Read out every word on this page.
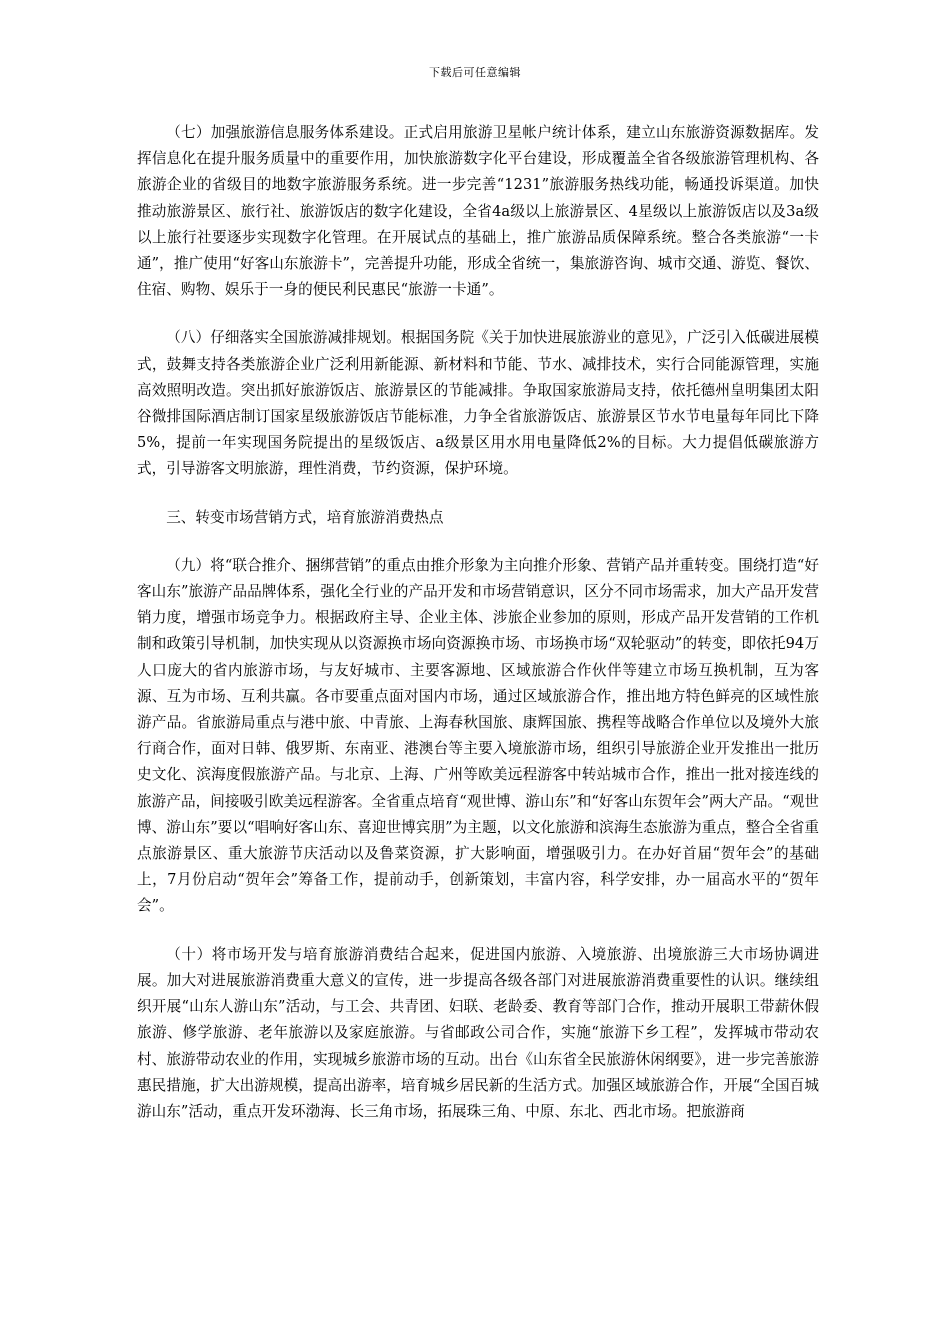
下载后可任意编辑

（七）加强旅游信息服务体系建设。正式启用旅游卫星帐户统计体系，建立山东旅游资源数据库。发挥信息化在提升服务质量中的重要作用，加快旅游数字化平台建设，形成覆盖全省各级旅游管理机构、各旅游企业的省级目的地数字旅游服务系统。进一步完善“1231”旅游服务热线功能，畅通投诉渠道。加快推动旅游景区、旅行社、旅游饭店的数字化建设，全省4a级以上旅游景区、4星级以上旅游饭店以及3a级以上旅行社要逐步实现数字化管理。在开展试点的基础上，推广旅游品质保障系统。整合各类旅游“一卡通”，推广使用“好客山东旅游卡”，完善提升功能，形成全省统一，集旅游咨询、城市交通、游览、餐饮、住宿、购物、娱乐于一身的便民利民惠民“旅游一卡通”。

（八）仔细落实全国旅游减排规划。根据国务院《关于加快进展旅游业的意见》，广泛引入低碳进展模式，鼓舞支持各类旅游企业广泛利用新能源、新材料和节能、节水、减排技术，实行合同能源管理，实施高效照明改造。突出抓好旅游饭店、旅游景区的节能减排。争取国家旅游局支持，依托德州皇明集团太阳谷微排国际酒店制订国家星级旅游饭店节能标准，力争全省旅游饭店、旅游景区节水节电量每年同比下降5%，提前一年实现国务院提出的星级饭店、a级景区用水用电量降低2%的目标。大力提倡低碳旅游方式，引导游客文明旅游，理性消费，节约资源，保护环境。

三、转变市场营销方式，培育旅游消费热点

（九）将“联合推介、捆绑营销”的重点由推介形象为主向推介形象、营销产品并重转变。围绕打造“好客山东”旅游产品品牌体系，强化全行业的产品开发和市场营销意识，区分不同市场需求，加大产品开发营销力度，增强市场竞争力。根据政府主导、企业主体、涉旅企业参加的原则，形成产品开发营销的工作机制和政策引导机制，加快实现从以资源换市场向资源换市场、市场换市场“双轮驱动”的转变，即依托94万人口庞大的省内旅游市场，与友好城市、主要客源地、区域旅游合作伙伴等建立市场互换机制，互为客源、互为市场、互利共赢。各市要重点面对国内市场，通过区域旅游合作，推出地方特色鲜亮的区域性旅游产品。省旅游局重点与港中旅、中青旅、上海春秋国旅、康辉国旅、携程等战略合作单位以及境外大旅行商合作，面对日韩、俄罗斯、东南亚、港澳台等主要入境旅游市场，组织引导旅游企业开发推出一批历史文化、滨海度假旅游产品。与北京、上海、广州等欧美远程游客中转站城市合作，推出一批对接连线的旅游产品，间接吸引欧美远程游客。全省重点培育“观世博、游山东”和“好客山东贺年会”两大产品。“观世博、游山东”要以“唱响好客山东、喜迎世博宾朋”为主题，以文化旅游和滨海生态旅游为重点，整合全省重点旅游景区、重大旅游节庆活动以及鲁菜资源，扩大影响面，增强吸引力。在办好首届“贺年会”的基础上，7月份启动“贺年会”筹备工作，提前动手，创新策划，丰富内容，科学安排，办一届高水平的“贺年会”。

（十）将市场开发与培育旅游消费结合起来，促进国内旅游、入境旅游、出境旅游三大市场协调进展。加大对进展旅游消费重大意义的宣传，进一步提高各级各部门对进展旅游消费重要性的认识。继续组织开展“山东人游山东”活动，与工会、共青团、妇联、老龄委、教育等部门合作，推动开展职工带薪休假旅游、修学旅游、老年旅游以及家庭旅游。与省邮政公司合作，实施“旅游下乡工程”，发挥城市带动农村、旅游带动农业的作用，实现城乡旅游市场的互动。出台《山东省全民旅游休闲纲要》，进一步完善旅游惠民措施，扩大出游规模，提高出游率，培育城乡居民新的生活方式。加强区域旅游合作，开展“全国百城游山东”活动，重点开发环渤海、长三角市场，拓展珠三角、中原、东北、西北市场。把旅游商
